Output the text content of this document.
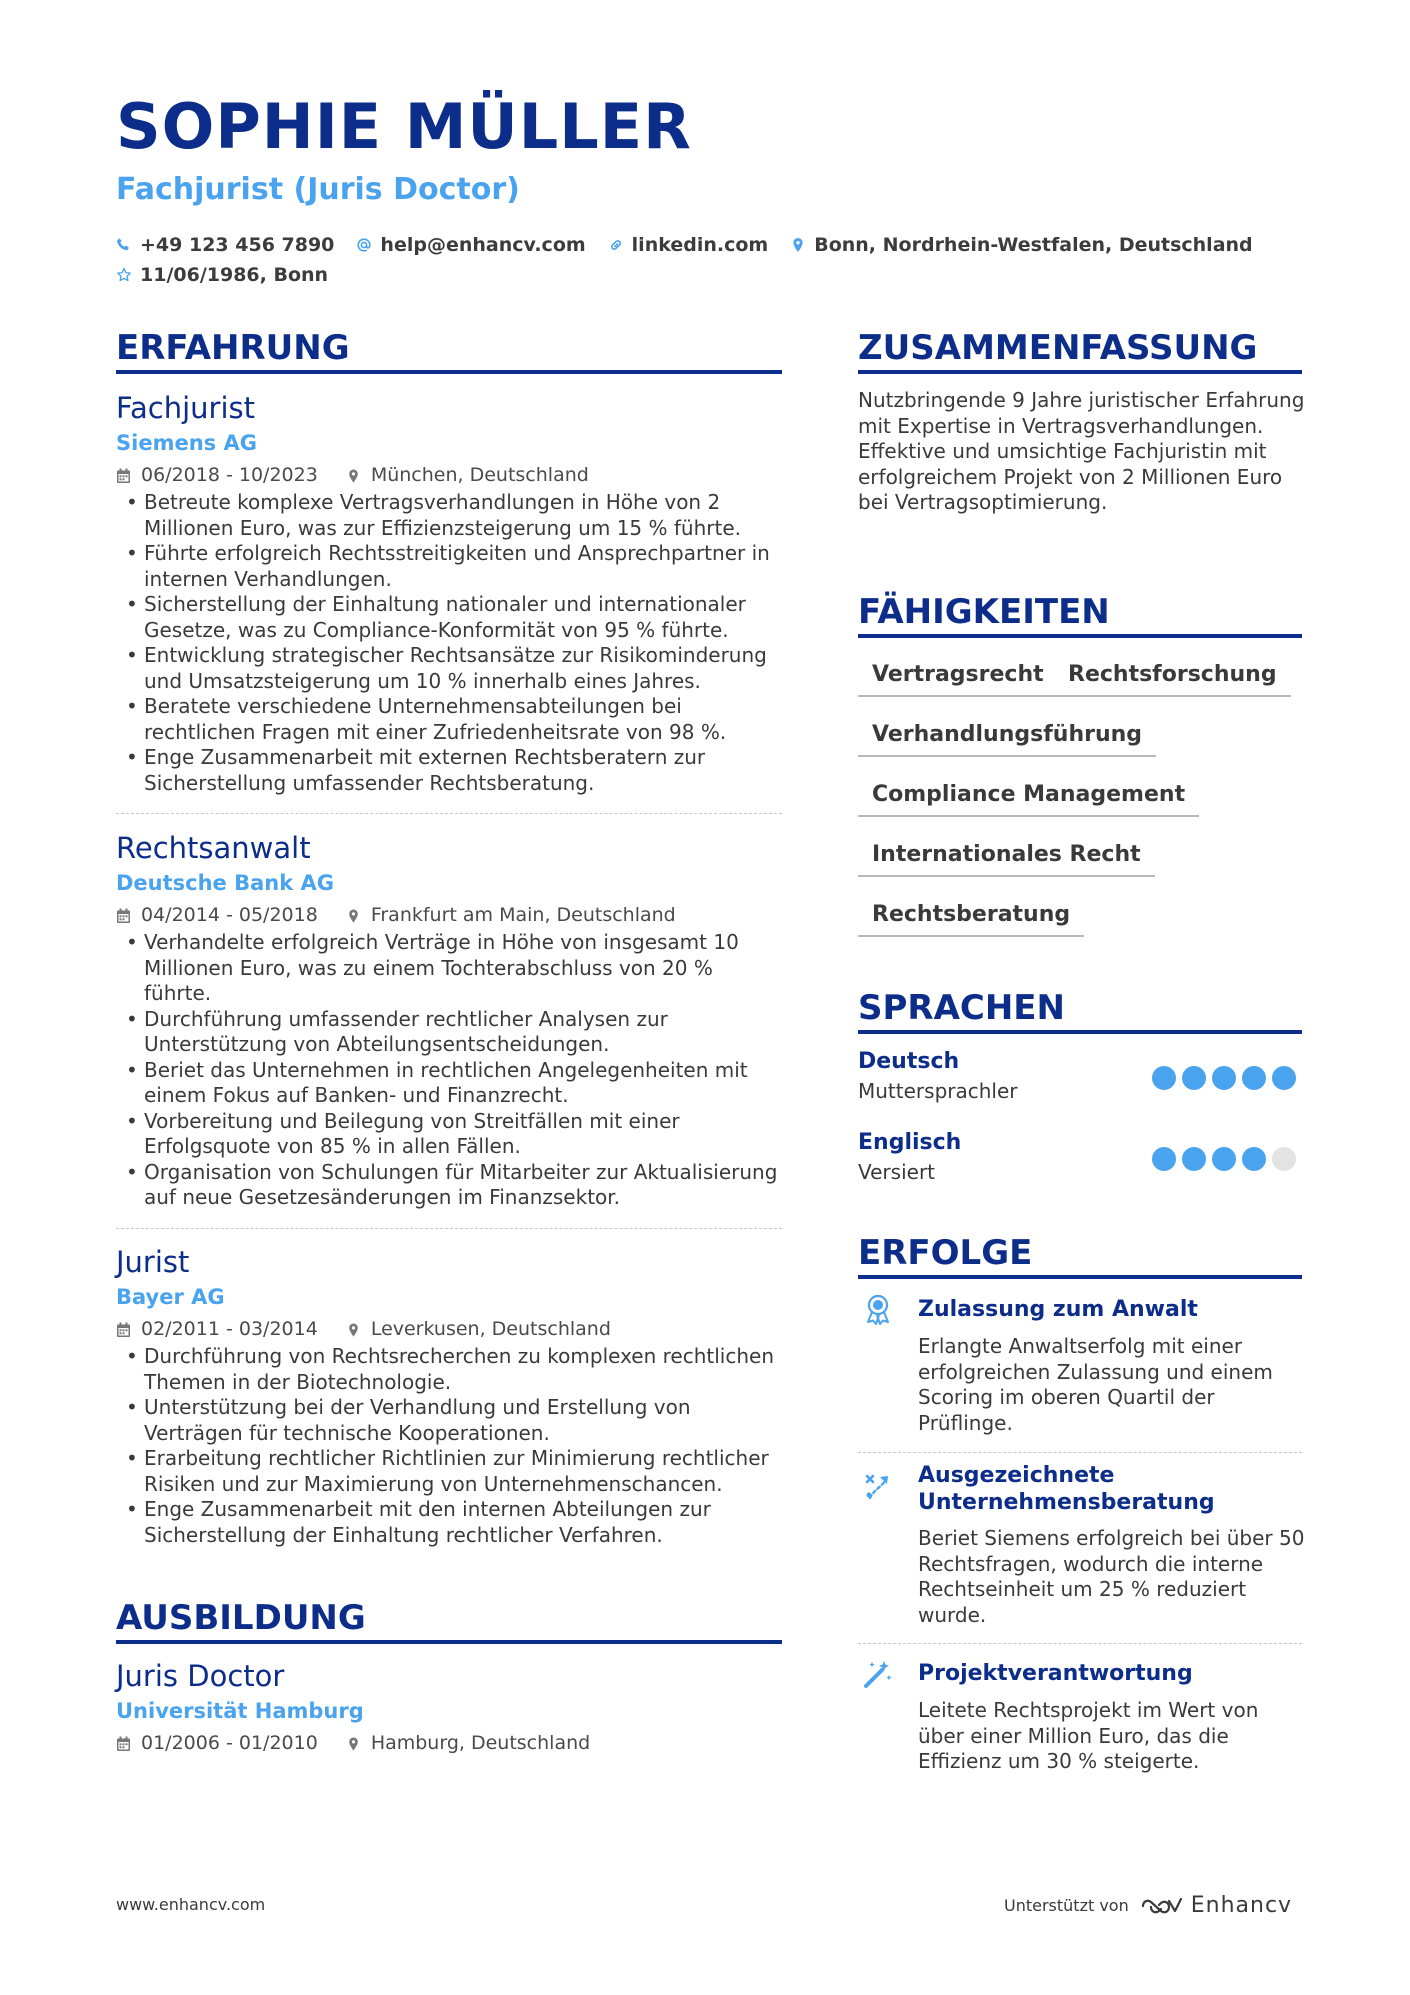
SOPHIE MÜLLER
Fachjurist (Juris Doctor)
+49 123 456 7890 help@enhancv.com linkedin.com Bonn, Nordrhein-Westfalen, Deutschland
11/06/1986, Bonn
ERFAHRUNG
Fachjurist
Siemens AG
06/2018 - 10/2023	München, Deutschland
• Betreute komplexe Vertragsverhandlungen in Höhe von 2 Millionen Euro, was zur Effizienzsteigerung um 15 % führte.
• Führte erfolgreich Rechtsstreitigkeiten und Ansprechpartner in internen Verhandlungen.
• Sicherstellung der Einhaltung nationaler und internationaler Gesetze, was zu Compliance-Konformität von 95 % führte.
• Entwicklung strategischer Rechtsansätze zur Risikominderung und Umsatzsteigerung um 10 % innerhalb eines Jahres.
• Beratete verschiedene Unternehmensabteilungen bei rechtlichen Fragen mit einer Zufriedenheitsrate von 98 %.
• Enge Zusammenarbeit mit externen Rechtsberatern zur Sicherstellung umfassender Rechtsberatung.
Rechtsanwalt
Deutsche Bank AG
04/2014 - 05/2018	Frankfurt am Main, Deutschland
• Verhandelte erfolgreich Verträge in Höhe von insgesamt 10 Millionen Euro, was zu einem Tochterabschluss von 20 % führte.
• Durchführung umfassender rechtlicher Analysen zur Unterstützung von Abteilungsentscheidungen.
• Beriet das Unternehmen in rechtlichen Angelegenheiten mit einem Fokus auf Banken- und Finanzrecht.
• Vorbereitung und Beilegung von Streitfällen mit einer Erfolgsquote von 85 % in allen Fällen.
• Organisation von Schulungen für Mitarbeiter zur Aktualisierung auf neue Gesetzesänderungen im Finanzsektor.
Jurist
Bayer AG
02/2011 - 03/2014	Leverkusen, Deutschland
• Durchführung von Rechtsrecherchen zu komplexen rechtlichen Themen in der Biotechnologie.
• Unterstützung bei der Verhandlung und Erstellung von Verträgen für technische Kooperationen.
• Erarbeitung rechtlicher Richtlinien zur Minimierung rechtlicher Risiken und zur Maximierung von Unternehmenschancen.
• Enge Zusammenarbeit mit den internen Abteilungen zur Sicherstellung der Einhaltung rechtlicher Verfahren.
AUSBILDUNG
Juris Doctor
Universität Hamburg
01/2006 - 01/2010	Hamburg, Deutschland
ZUSAMMENFASSUNG
Nutzbringende 9 Jahre juristischer Erfahrung mit Expertise in Vertragsverhandlungen. Effektive und umsichtige Fachjuristin mit erfolgreichem Projekt von 2 Millionen Euro bei Vertragsoptimierung.
FÄHIGKEITEN
Vertragsrecht	Rechtsforschung
Verhandlungsführung
Compliance Management
Internationales Recht
Rechtsberatung
SPRACHEN
Deutsch
Muttersprachler
Englisch
Versiert
ERFOLGE
Zulassung zum Anwalt
Erlangte Anwaltserfolg mit einer erfolgreichen Zulassung und einem Scoring im oberen Quartil der Prüflinge.
Ausgezeichnete Unternehmensberatung
Beriet Siemens erfolgreich bei über 50 Rechtsfragen, wodurch die interne Rechtseinheit um 25 % reduziert wurde.
Projektverantwortung
Leitete Rechtsprojekt im Wert von über einer Million Euro, das die Effizienz um 30 % steigerte.
www.enhancv.com	Unterstützt von	Enhancv
